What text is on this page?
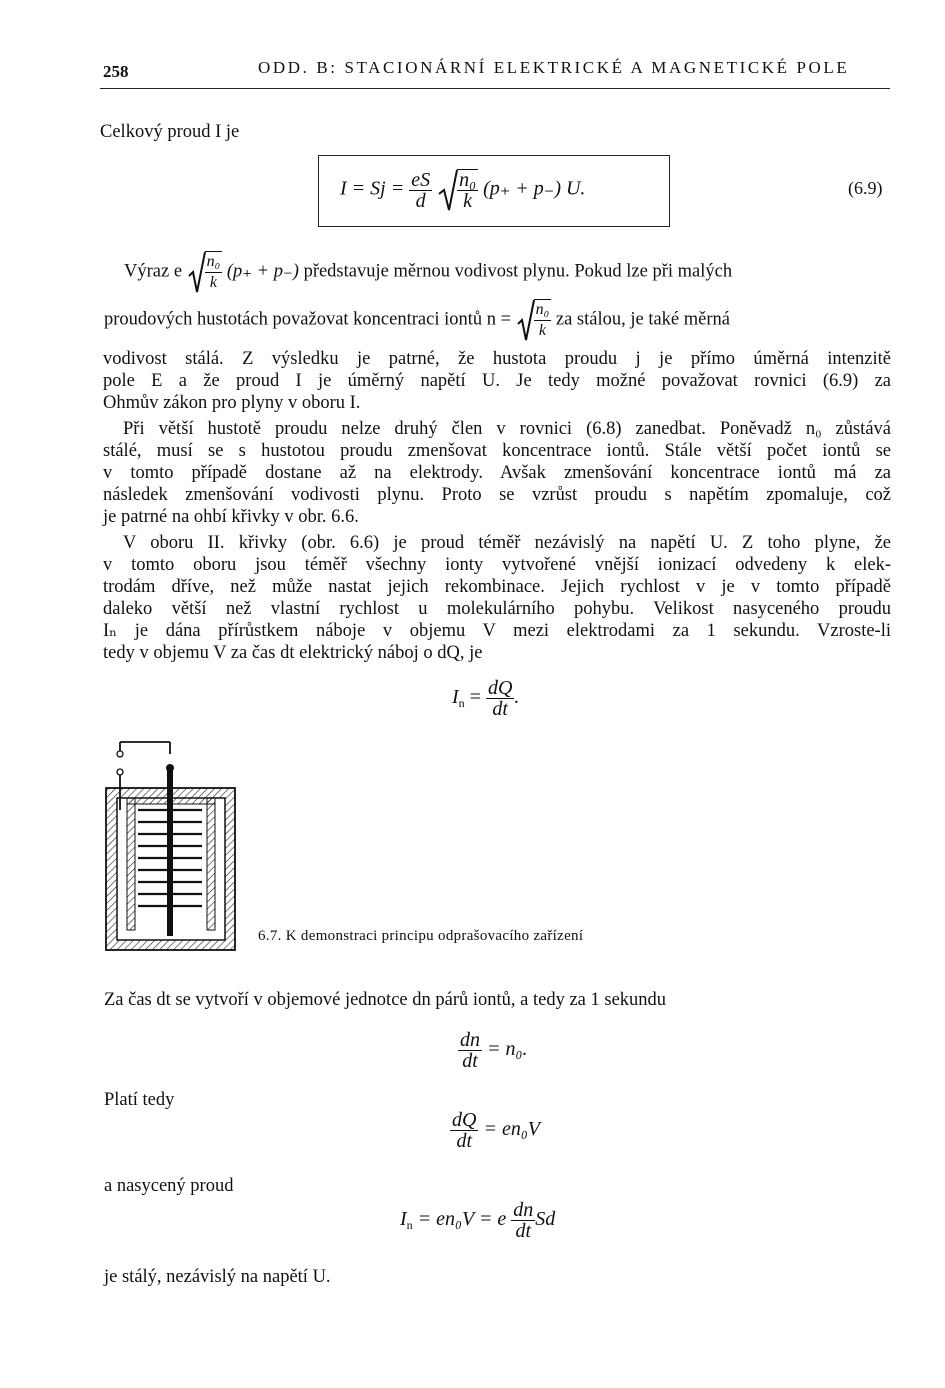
258	ODD. B: STACIONÁRNÍ ELEKTRICKÉ A MAGNETICKÉ POLE
Celkový proud I je
$I = Sj = \frac{eS}{d}$
$\frac{\text{n₀}}{k} (p_+ + p_-)$ U.	(6.9)
Výraz e $\frac{\text{n₀}}{k} (p_+ + p_-)$ představuje měrnou vodivost plynu. Pokud lze při malých
proudových hustotách považovat koncentraci iontů $n = \frac{\text{n₀}}{k}$ za stálou, je také měrná
vodivost stálá. Z výsledku je patrné, že hustota proudu j je přímo úměrná intenzitě
pole E a že proud I je úměrný napětí U. Je tedy možné považovat rovnici (6.9) za
Ohmův zákon pro plyny v oboru I.
Při větší hustotě proudu nelze druhý člen v rovnici (6.8) zanedbat. Poněvadž n₀ zůstává
stálé, musí se s hustotou proudu zmenšovat koncentrace iontů. Stále větší počet iontů se
v tomto případě dostane až na elektrody. Avšak zmenšování koncentrace iontů má za
následek zmenšování vodivosti plynu. Proto se vzrůst proudu s napětím zpomaluje, což
je patrné na ohbí křivky v obr. 6.6.
V oboru II. křivky (obr. 6.6) je proud téměř nezávislý na napětí U. Z toho plyne, že
v tomto oboru jsou téměř všechny ionty vytvořené vnější ionizací odvedeny k elek-
trodám dříve, než může nastat jejich rekombinace. Jejich rychlost v je v tomto případě
daleko větší než vlastní rychlost u molekulárního pohybu. Velikost nasyceného proudu
Iₙ je dána přírůstkem náboje v objemu V mezi elektrodami za 1 sekundu. Vzroste-li
tedy v objemu V za čas dt elektrický náboj o dQ, je
$I_n = \frac{dQ}{dt}$ .
6.7. K demonstraci principu odprašovacího zařízení
Za čas dt se vytvoří v objemové jednotce dn párů iontů, a tedy za 1 sekundu
$\frac{dn}{dt} = n_0$.
Platí tedy
$\frac{dQ}{dt} = en_0V$
a nasycený proud
$I_n = en_0V = e \frac{dn}{dt}$ Sd
je stálý, nezávislý na napětí U.
